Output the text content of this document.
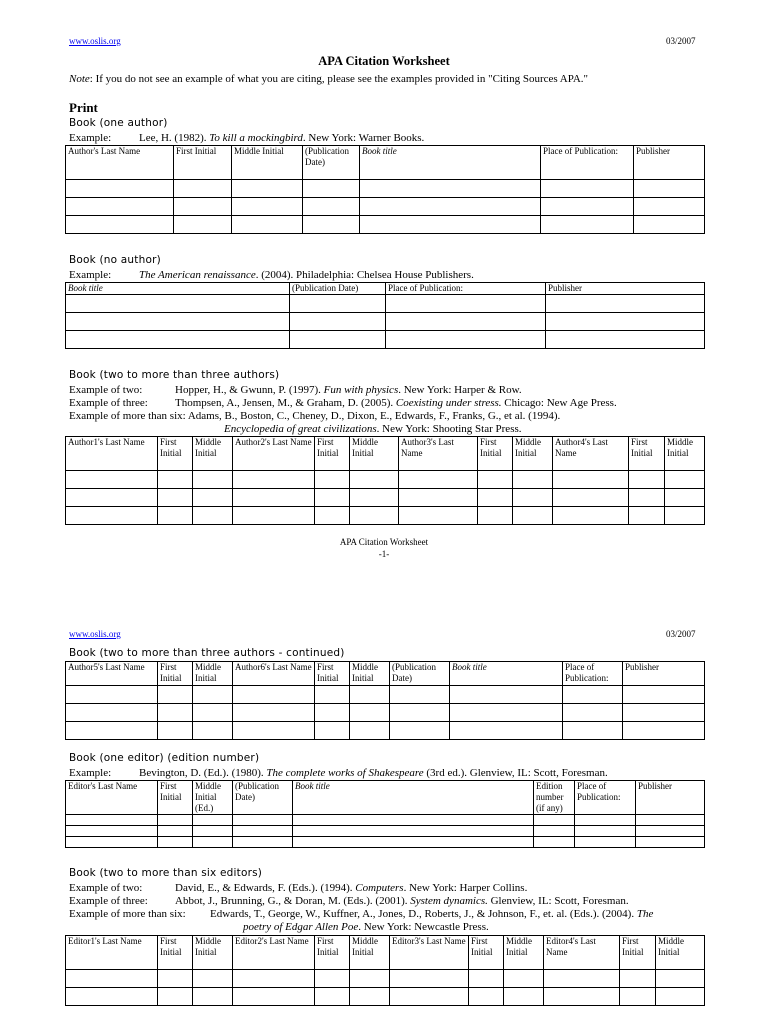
www.oslis.org	03/2007
APA Citation Worksheet
Note: If you do not see an example of what you are citing, please see the examples provided in "Citing Sources APA."
Print
Book (one author)
Example:	Lee, H. (1982). To kill a mockingbird. New York: Warner Books.
Author's Last Name	First Initial	Middle Initial	(Publication Date)	Book title	Place of Publication:	Publisher

Book (no author)
Example:	The American renaissance. (2004). Philadelphia: Chelsea House Publishers.
Book title	(Publication Date)	Place of Publication:	Publisher

Book (two to more than three authors)
Example of two:	Hopper, H., & Gwunn, P. (1997). Fun with physics. New York: Harper & Row.
Example of three: Thompsen, A., Jensen, M., & Graham, D. (2005). Coexisting under stress. Chicago: New Age Press.
Example of more than six: Adams, B., Boston, C., Cheney, D., Dixon, E., Edwards, F., Franks, G., et al. (1994).
Encyclopedia of great civilizations. New York: Shooting Star Press.
Author1's Last Name	First Initial	Middle Initial	Author2's Last Name	First Initial	Middle Initial	Author3's Last Name	First Initial	Middle Initial	Author4's Last Name	First Initial	Middle Initial

APA Citation Worksheet
-1-
www.oslis.org	03/2007
Book (two to more than three authors - continued)
Author5's Last Name	First Initial	Middle Initial	Author6's Last Name	First Initial	Middle Initial	(Publication Date)	Book title	Place of Publication:	Publisher

Book (one editor) (edition number)
Example:	Bevington, D. (Ed.). (1980). The complete works of Shakespeare (3rd ed.). Glenview, IL: Scott, Foresman.
Editor's Last Name	First Initial	Middle Initial (Ed.)	(Publication Date)	Book title	Edition number (if any)	Place of Publication:	Publisher

Book (two to more than six editors)
Example of two:	David, E., & Edwards, F. (Eds.). (1994). Computers. New York: Harper Collins.
Example of three: Abbot, J., Brunning, G., & Doran, M. (Eds.). (2001). System dynamics. Glenview, IL: Scott, Foresman.
Example of more than six: Edwards, T., George, W., Kuffner, A., Jones, D., Roberts, J., & Johnson, F., et. al. (Eds.). (2004). The
poetry of Edgar Allen Poe. New York: Newcastle Press.
Editor1's Last Name	First Initial	Middle Initial	Editor2's Last Name	First Initial	Middle Initial	Editor3's Last Name	First Initial	Middle Initial	Editor4's Last Name	First Initial	Middle Initial
